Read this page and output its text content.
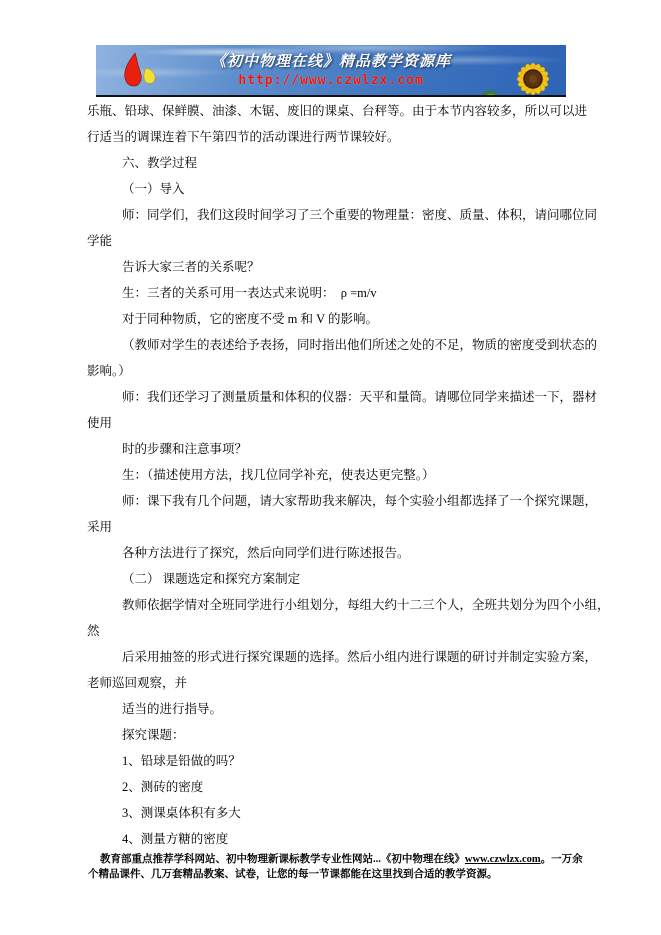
《初中物理在线》精品教学资源库
http://www.czwlzx.com
乐瓶、铅球、保鲜膜、油漆、木锯、废旧的课桌、台秤等。由于本节内容较多，所以可以进
行适当的调课连着下午第四节的活动课进行两节课较好。
六、教学过程
（一）导入
师：同学们，我们这段时间学习了三个重要的物理量：密度、质量、体积，请问哪位同
学能
告诉大家三者的关系呢？
生：三者的关系可用一表达式来说明：  ρ =m/v
对于同种物质，它的密度不受 m 和 V 的影响。
（教师对学生的表述给予表扬，同时指出他们所述之处的不足，物质的密度受到状态的
影响。）
师：我们还学习了测量质量和体积的仪器：天平和量筒。请哪位同学来描述一下，器材
使用
时的步骤和注意事项？
生：（描述使用方法，找几位同学补充，使表达更完整。）
师：课下我有几个问题，请大家帮助我来解决，每个实验小组都选择了一个探究课题，
采用
各种方法进行了探究，然后向同学们进行陈述报告。
（二） 课题选定和探究方案制定
教师依据学情对全班同学进行小组划分，每组大约十二三个人，全班共划分为四个小组，
然
后采用抽签的形式进行探究课题的选择。然后小组内进行课题的研讨并制定实验方案，
老师巡回观察，并
适当的进行指导。
探究课题：
1、铅球是铅做的吗？
2、测砖的密度
3、测课桌体积有多大
4、测量方糖的密度
教育部重点推荐学科网站、初中物理新课标教学专业性网站...《初中物理在线》www.czwlzx.com。一万余
个精品课件、几万套精品教案、试卷，让您的每一节课都能在这里找到合适的教学资源。
